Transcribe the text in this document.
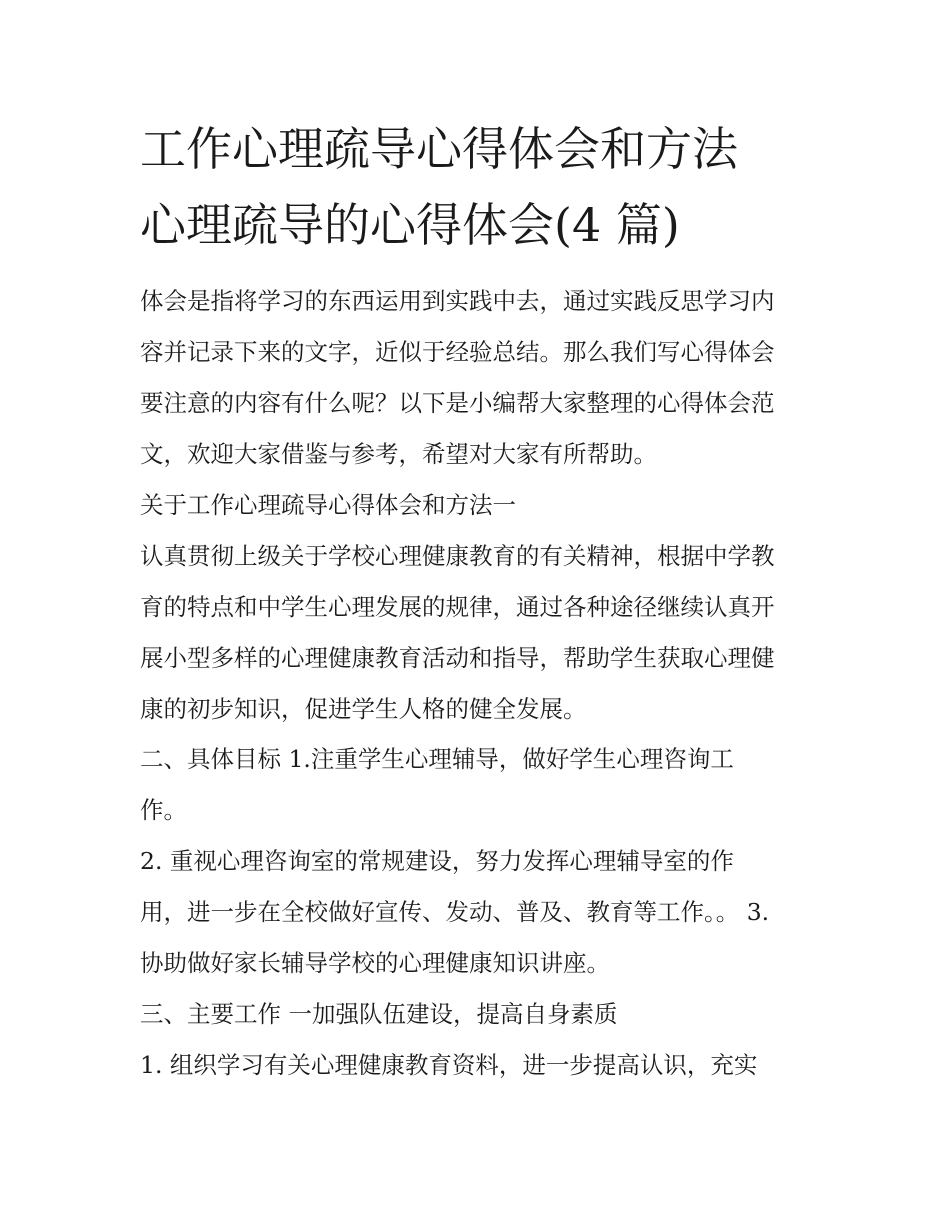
工作心理疏导心得体会和方法
心理疏导的心得体会(4 篇)

体会是指将学习的东西运用到实践中去，通过实践反思学习内

容并记录下来的文字，近似于经验总结。那么我们写心得体会

要注意的内容有什么呢？以下是小编帮大家整理的心得体会范

文，欢迎大家借鉴与参考，希望对大家有所帮助。

关于工作心理疏导心得体会和方法一

认真贯彻上级关于学校心理健康教育的有关精神，根据中学教

育的特点和中学生心理发展的规律，通过各种途径继续认真开

展小型多样的心理健康教育活动和指导，帮助学生获取心理健

康的初步知识，促进学生人格的健全发展。

二、具体目标 1.注重学生心理辅导，做好学生心理咨询工

作。

2. 重视心理咨询室的常规建设，努力发挥心理辅导室的作

用，进一步在全校做好宣传、发动、普及、教育等工作。。 3.

协助做好家长辅导学校的心理健康知识讲座。

三、主要工作 一加强队伍建设，提高自身素质

1. 组织学习有关心理健康教育资料，进一步提高认识，充实
